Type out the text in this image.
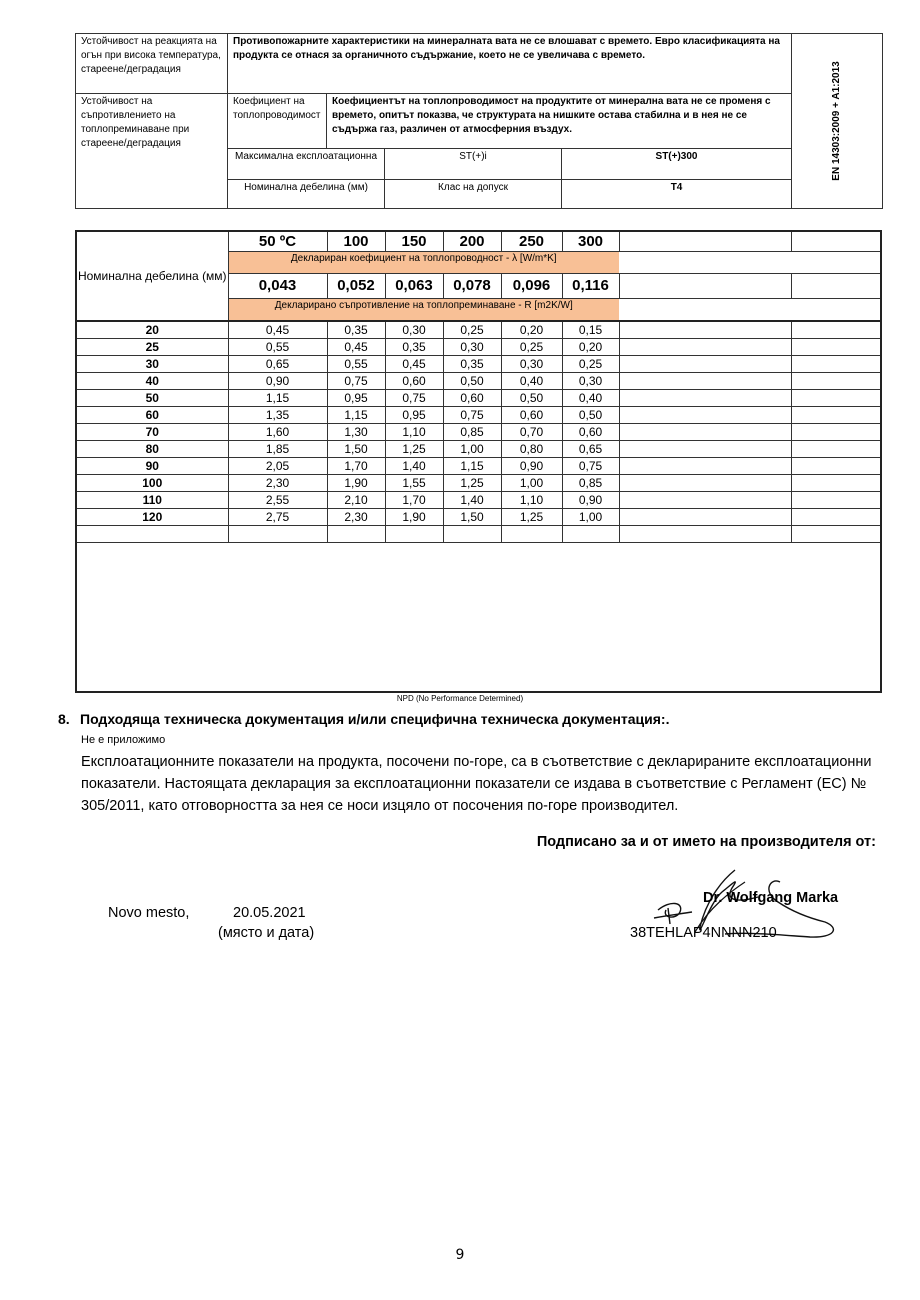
Устойчивост на реакцията на огън при висока температура, стареене/деградация	Противопожарните характеристики на минералната вата не се влошават с времето. Евро класификацията на продукта се отнася за органичното съдържание, което не се увеличава с времето.				EN 14303:2009 + A1:2013

Устойчивост на съпротивлението на топлопреминаване при стареене/деградация	Коефициент на топлопроводимост	Коефициентът на топлопроводимост на продуктите от минерална вата не се променя с времето, опитът показва, че структурата на нишките остава стабилна и в нея не се съдържа газ, различен от атмосферния въздух.			
	Максимална експлоатационна		ST(+)i	ST(+)300	
	Номинална дебелина (мм)		Клас на допуск	T4	
Номинална дебелина (мм)	50 ºC	100	150	200	250	300		
	Деклариран коефициент на топлопроводност - λ [W/m*K]							
	0,043	0,052	0,063	0,078	0,096	0,116		
	Декларирано съпротивление на топлопреминаване - R [m2K/W]							
20	0,45	0,35	0,30	0,25	0,20	0,15		
25	0,55	0,45	0,35	0,30	0,25	0,20		
30	0,65	0,55	0,45	0,35	0,30	0,25		
40	0,90	0,75	0,60	0,50	0,40	0,30		
50	1,15	0,95	0,75	0,60	0,50	0,40		
60	1,35	1,15	0,95	0,75	0,60	0,50		
70	1,60	1,30	1,10	0,85	0,70	0,60		
80	1,85	1,50	1,25	1,00	0,80	0,65		
90	2,05	1,70	1,40	1,15	0,90	0,75		
100	2,30	1,90	1,55	1,25	1,00	0,85		
110	2,55	2,10	1,70	1,40	1,10	0,90		
120	2,75	2,30	1,90	1,50	1,25	1,00		

NPD (No Performance Determined)
8. Подходяща техническа документация и/или специфична техническа документация:.
Не е приложимо
Експлоатационните показатели на продукта, посочени по-горе, са в съответствие с декларираните експлоатационни показатели. Настоящата декларация за експлоатационни показатели се издава в съответствие с Регламент (ЕС) № 305/2011, като отговорността за нея се носи изцяло от посочения по-горе производител.
Подписано за и от името на производителя от:
Novo mesto,	20.05.2021
(място и дата)
Dr. Wolfgang Marka
38TEHLAP4NNNN210
9
